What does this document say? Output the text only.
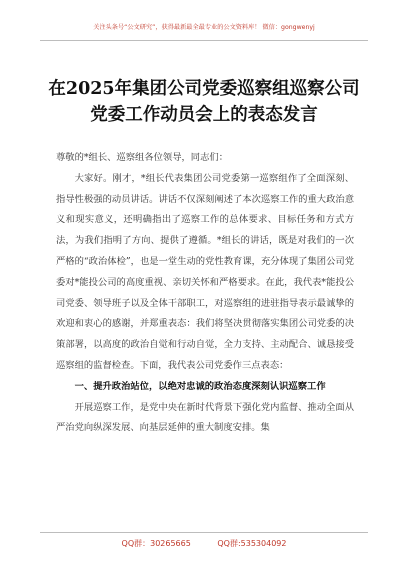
关注头条号“公文研究”，获得最新最全最专业的公文资料库！ 微信：gongwenyj
在2025年集团公司党委巡察组巡察公司党委工作动员会上的表态发言

尊敬的*组长、巡察组各位领导，同志们：

大家好。刚才，*组长代表集团公司党委第一巡察组作了全面深刻、指导性极强的动员讲话。讲话不仅深刻阐述了本次巡察工作的重大政治意义和现实意义，还明确指出了巡察工作的总体要求、目标任务和方式方法，为我们指明了方向、提供了遵循。*组长的讲话，既是对我们的一次严格的“政治体检”，也是一堂生动的党性教育课，充分体现了集团公司党委对*能投公司的高度重视、亲切关怀和严格要求。在此，我代表*能投公司党委、领导班子以及全体干部职工，对巡察组的进驻指导表示最诚挚的欢迎和衷心的感谢，并郑重表态：我们将坚决贯彻落实集团公司党委的决策部署，以高度的政治自觉和行动自觉，全力支持、主动配合、诚恳接受巡察组的监督检查。下面，我代表公司党委作三点表态：

一、提升政治站位，以绝对忠诚的政治态度深刻认识巡察工作

开展巡察工作，是党中央在新时代背景下强化党内监督、推动全面从严治党向纵深发展、向基层延伸的重大制度安排。集

QQ群：30265665	QQ群:535304092
